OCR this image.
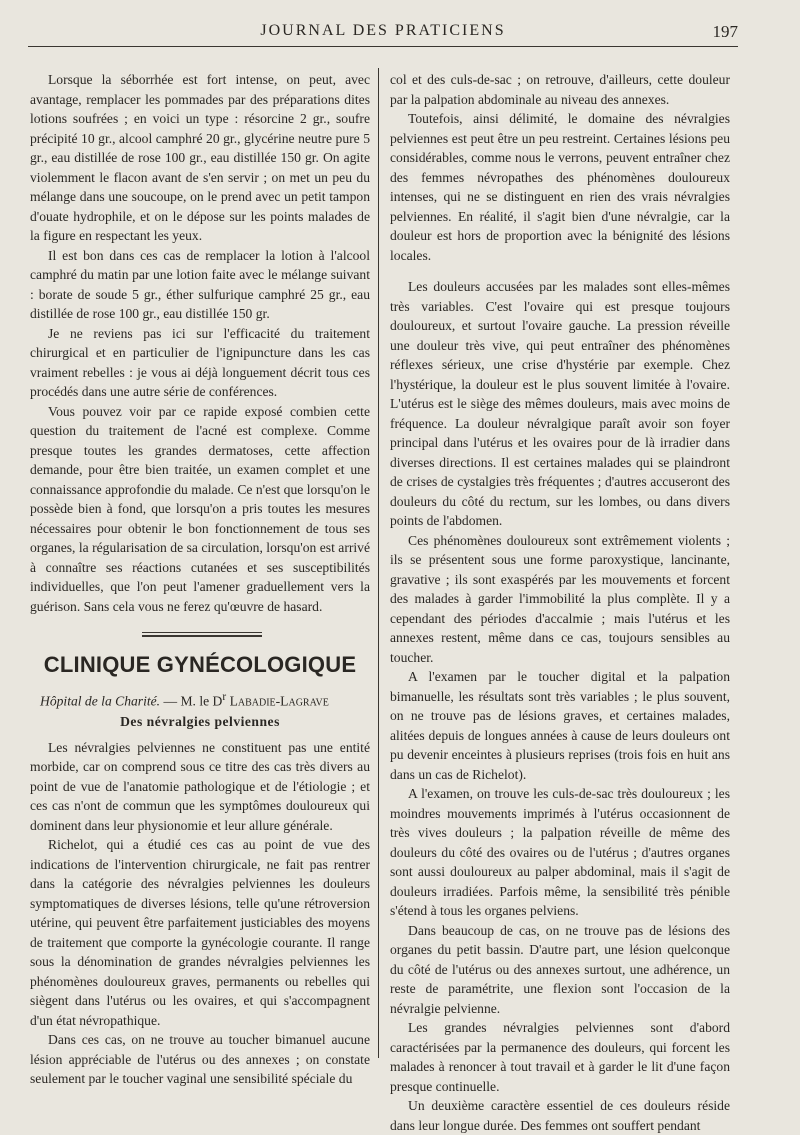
JOURNAL DES PRATICIENS	197

Lorsque la séborrhée est fort intense, on peut, avec avantage, remplacer les pommades par des préparations dites lotions soufrées ; en voici un type : résorcine 2 gr., soufre précipité 10 gr., alcool camphré 20 gr., glycérine neutre pure 5 gr., eau distillée de rose 100 gr., eau distillée 150 gr. On agite violemment le flacon avant de s'en servir ; on met un peu du mélange dans une soucoupe, on le prend avec un petit tampon d'ouate hydrophile, et on le dépose sur les points malades de la figure en respectant les yeux.

Il est bon dans ces cas de remplacer la lotion à l'alcool camphré du matin par une lotion faite avec le mélange suivant : borate de soude 5 gr., éther sulfurique camphré 25 gr., eau distillée de rose 100 gr., eau distillée 150 gr.

Je ne reviens pas ici sur l'efficacité du traitement chirurgical et en particulier de l'ignipuncture dans les cas vraiment rebelles : je vous ai déjà longuement décrit tous ces procédés dans une autre série de conférences.

Vous pouvez voir par ce rapide exposé combien cette question du traitement de l'acné est complexe. Comme presque toutes les grandes dermatoses, cette affection demande, pour être bien traitée, un examen complet et une connaissance approfondie du malade. Ce n'est que lorsqu'on le possède bien à fond, que lorsqu'on a pris toutes les mesures nécessaires pour obtenir le bon fonctionnement de tous ses organes, la régularisation de sa circulation, lorsqu'on est arrivé à connaître ses réactions cutanées et ses susceptibilités individuelles, que l'on peut l'amener graduellement vers la guérison. Sans cela vous ne ferez qu'œuvre de hasard.

CLINIQUE GYNÉCOLOGIQUE

Hôpital de la Charité. — M. le $D^r$ Labadie-Lagrave

Des névralgies pelviennes

Les névralgies pelviennes ne constituent pas une entité morbide, car on comprend sous ce titre des cas très divers au point de vue de l'anatomie pathologique et de l'étiologie ; et ces cas n'ont de commun que les symptômes douloureux qui dominent dans leur physionomie et leur allure générale.

Richelot, qui a étudié ces cas au point de vue des indications de l'intervention chirurgicale, ne fait pas rentrer dans la catégorie des névralgies pelviennes les douleurs symptomatiques de diverses lésions, telle qu'une rétroversion utérine, qui peuvent être parfaitement justiciables des moyens de traitement que comporte la gynécologie courante. Il range sous la dénomination de grandes névralgies pelviennes les phénomènes douloureux graves, permanents ou rebelles qui siègent dans l'utérus ou les ovaires, et qui s'accompagnent d'un état névropathique.

Dans ces cas, on ne trouve au toucher bimanuel aucune lésion appréciable de l'utérus ou des annexes ; on constate seulement par le toucher vaginal une sensibilité spéciale du

col et des culs-de-sac ; on retrouve, d'ailleurs, cette douleur par la palpation abdominale au niveau des annexes.

Toutefois, ainsi délimité, le domaine des névralgies pelviennes est peut être un peu restreint. Certaines lésions peu considérables, comme nous le verrons, peuvent entraîner chez des femmes névropathes des phénomènes douloureux intenses, qui ne se distinguent en rien des vrais névralgies pelviennes. En réalité, il s'agit bien d'une névralgie, car la douleur est hors de proportion avec la bénignité des lésions locales.

Les douleurs accusées par les malades sont elles-mêmes très variables. C'est l'ovaire qui est presque toujours douloureux, et surtout l'ovaire gauche. La pression réveille une douleur très vive, qui peut entraîner des phénomènes réflexes sérieux, une crise d'hystérie par exemple. Chez l'hystérique, la douleur est le plus souvent limitée à l'ovaire. L'utérus est le siège des mêmes douleurs, mais avec moins de fréquence. La douleur névralgique paraît avoir son foyer principal dans l'utérus et les ovaires pour de là irradier dans diverses directions. Il est certaines malades qui se plaindront de crises de cystalgies très fréquentes ; d'autres accuseront des douleurs du côté du rectum, sur les lombes, ou dans divers points de l'abdomen.

Ces phénomènes douloureux sont extrêmement violents ; ils se présentent sous une forme paroxystique, lancinante, gravative ; ils sont exaspérés par les mouvements et forcent des malades à garder l'immobilité la plus complète. Il y a cependant des périodes d'accalmie ; mais l'utérus et les annexes restent, même dans ce cas, toujours sensibles au toucher.

A l'examen par le toucher digital et la palpation bimanuelle, les résultats sont très variables ; le plus souvent, on ne trouve pas de lésions graves, et certaines malades, alitées depuis de longues années à cause de leurs douleurs ont pu devenir enceintes à plusieurs reprises (trois fois en huit ans dans un cas de Richelot).

A l'examen, on trouve les culs-de-sac très douloureux ; les moindres mouvements imprimés à l'utérus occasionnent de très vives douleurs ; la palpation réveille de même des douleurs du côté des ovaires ou de l'utérus ; d'autres organes sont aussi douloureux au palper abdominal, mais il s'agit de douleurs irradiées. Parfois même, la sensibilité très pénible s'étend à tous les organes pelviens.

Dans beaucoup de cas, on ne trouve pas de lésions des organes du petit bassin. D'autre part, une lésion quelconque du côté de l'utérus ou des annexes surtout, une adhérence, un reste de paramétrite, une flexion sont l'occasion de la névralgie pelvienne.

Les grandes névralgies pelviennes sont d'abord caractérisées par la permanence des douleurs, qui forcent les malades à renoncer à tout travail et à garder le lit d'une façon presque continuelle.

Un deuxième caractère essentiel de ces douleurs réside dans leur longue durée. Des femmes ont souffert pendant
